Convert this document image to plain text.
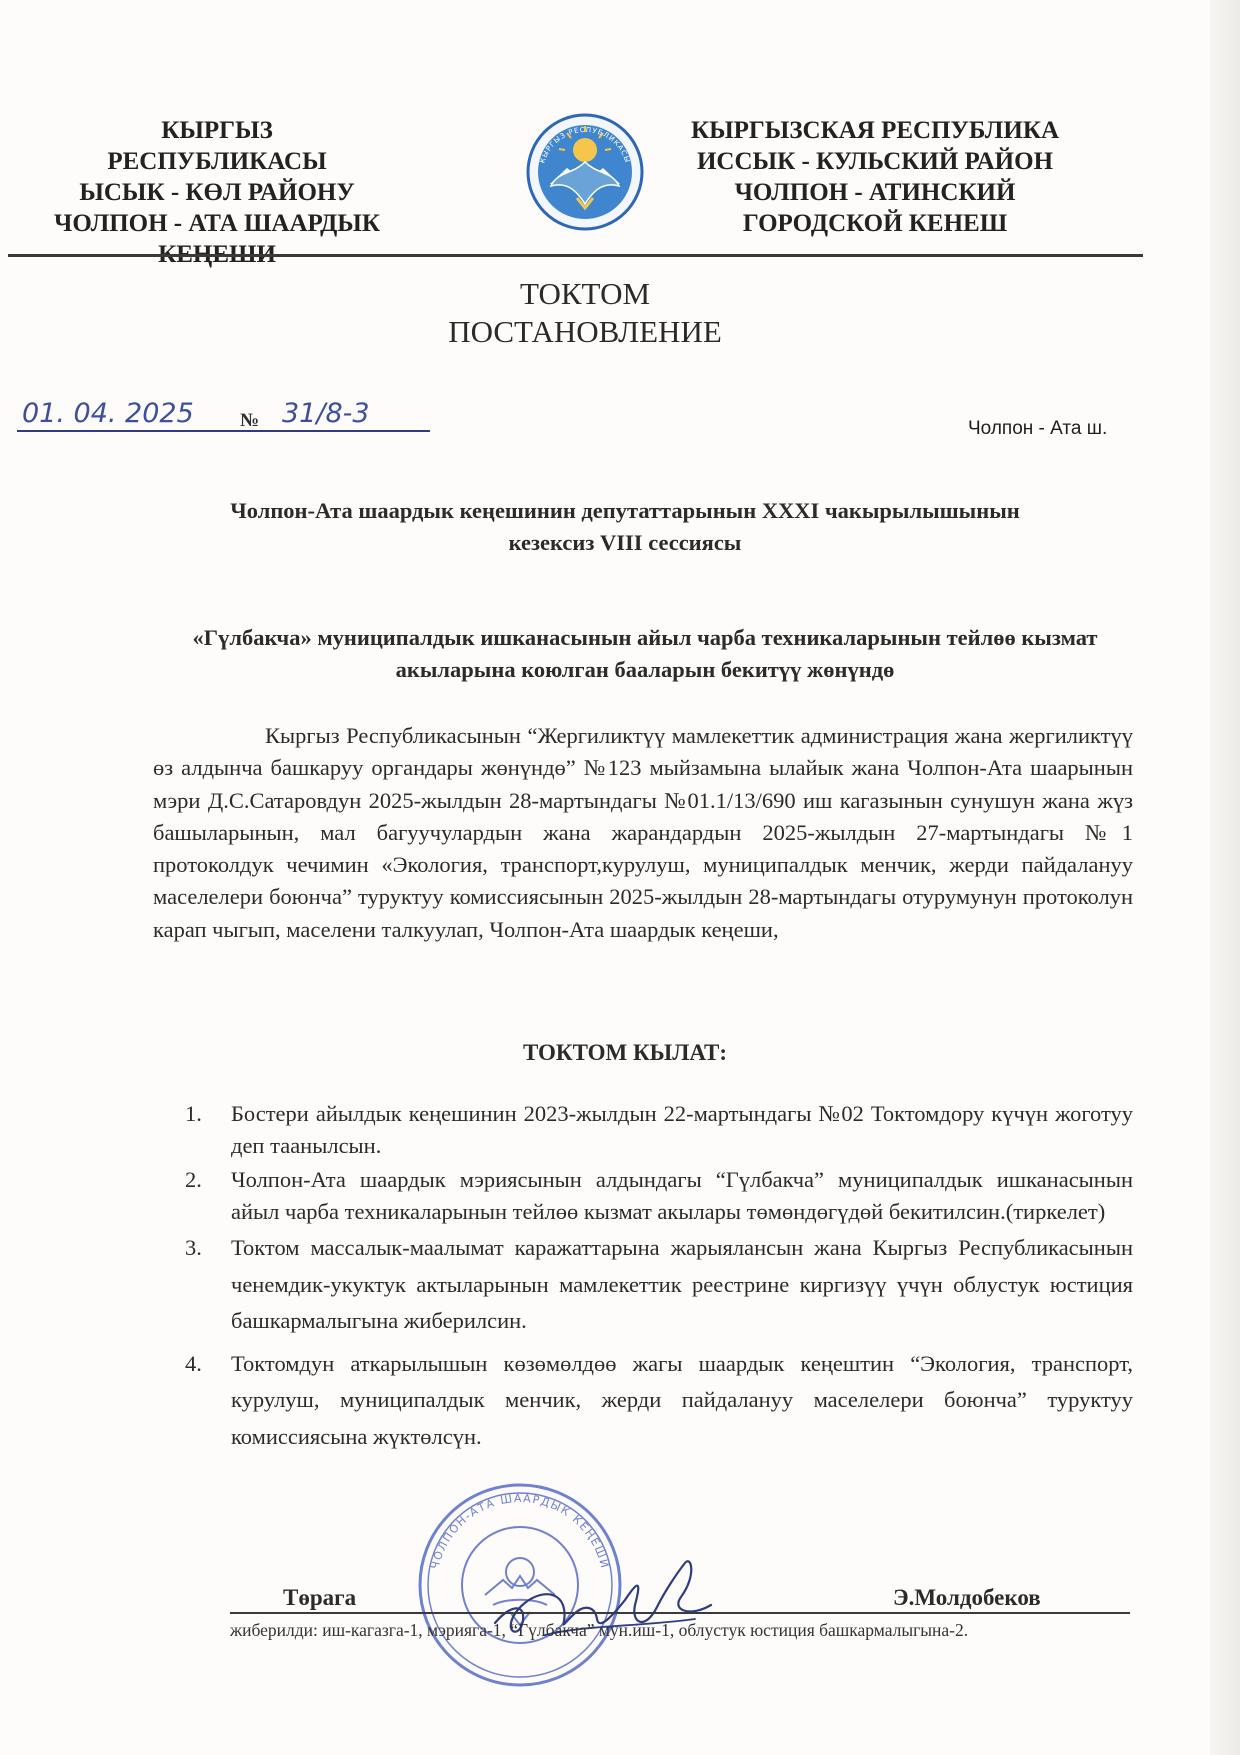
КЫРГЫЗ РЕСПУБЛИКАСЫ
ЫСЫК - КӨЛ РАЙОНУ
ЧОЛПОН - АТА ШААРДЫК
КЕҢЕШИ
КЫРГЫЗ РЕСПУБЛИКАСЫ
КЫРГЫЗСКАЯ РЕСПУБЛИКА
ИССЫК - КУЛЬСКИЙ РАЙОН
ЧОЛПОН - АТИНСКИЙ
ГОРОДСКОЙ КЕНЕШ
ТОКТОМ
ПОСТАНОВЛЕНИЕ
01. 04. 2025 № 31/8-3	Чолпон - Ата ш.
Чолпон-Ата шаардык кеңешинин депутаттарынын XXXI чакырылышынын кезексиз VIII сессиясы
«Гүлбакча» муниципалдык ишканасынын айыл чарба техникаларынын тейлөө кызмат акыларына коюлган бааларын бекитүү жөнүндө
Кыргыз Республикасынын “Жергиликтүү мамлекеттик администрация жана жергиликтүү өз алдынча башкаруу органдары жөнүндө” №123 мыйзамына ылайык жана Чолпон-Ата шаарынын мэри Д.С.Сатаровдун 2025-жылдын 28-мартындагы №01.1/13/690 иш кагазынын сунушун жана жүз башыларынын, мал багуучулардын жана жарандардын 2025-жылдын 27-мартындагы №1 протоколдук чечимин «Экология, транспорт,курулуш, муниципалдык менчик, жерди пайдалануу маселелери боюнча” туруктуу комиссиясынын 2025-жылдын 28-мартындагы отурумунун протоколун карап чыгып, маселени талкуулап, Чолпон-Ата шаардык кеңеши,
ТОКТОМ КЫЛАТ:
1.	Бостери айылдык кеңешинин 2023-жылдын 22-мартындагы №02 Токтомдору күчүн жоготуу деп таанылсын.
2.	Чолпон-Ата шаардык мэриясынын алдындагы “Гүлбакча” муниципалдык ишканасынын айыл чарба техникаларынын тейлөө кызмат акылары төмөндөгүдөй бекитилсин.(тиркелет)
3.	Токтом массалык-маалымат каражаттарына жарыялансын жана Кыргыз Республикасынын ченемдик-укуктук актыларынын мамлекеттик реестрине киргизүү үчүн облустук юстиция башкармалыгына жиберилсин.
4.	Токтомдун аткарылышын көзөмөлдөө жагы шаардык кеңештин “Экология, транспорт, курулуш, муниципалдык менчик, жерди пайдалануу маселелери боюнча” туруктуу комиссиясына жүктөлсүн.
ЧОЛПОН-АТА ШААРДЫК КЕҢЕШИ
Төрага	Э.Молдобеков
жиберилди: иш-кагазга-1, мэрияга-1, “Гүлбакча” мун.иш-1, облустук юстиция башкармалыгына-2.
